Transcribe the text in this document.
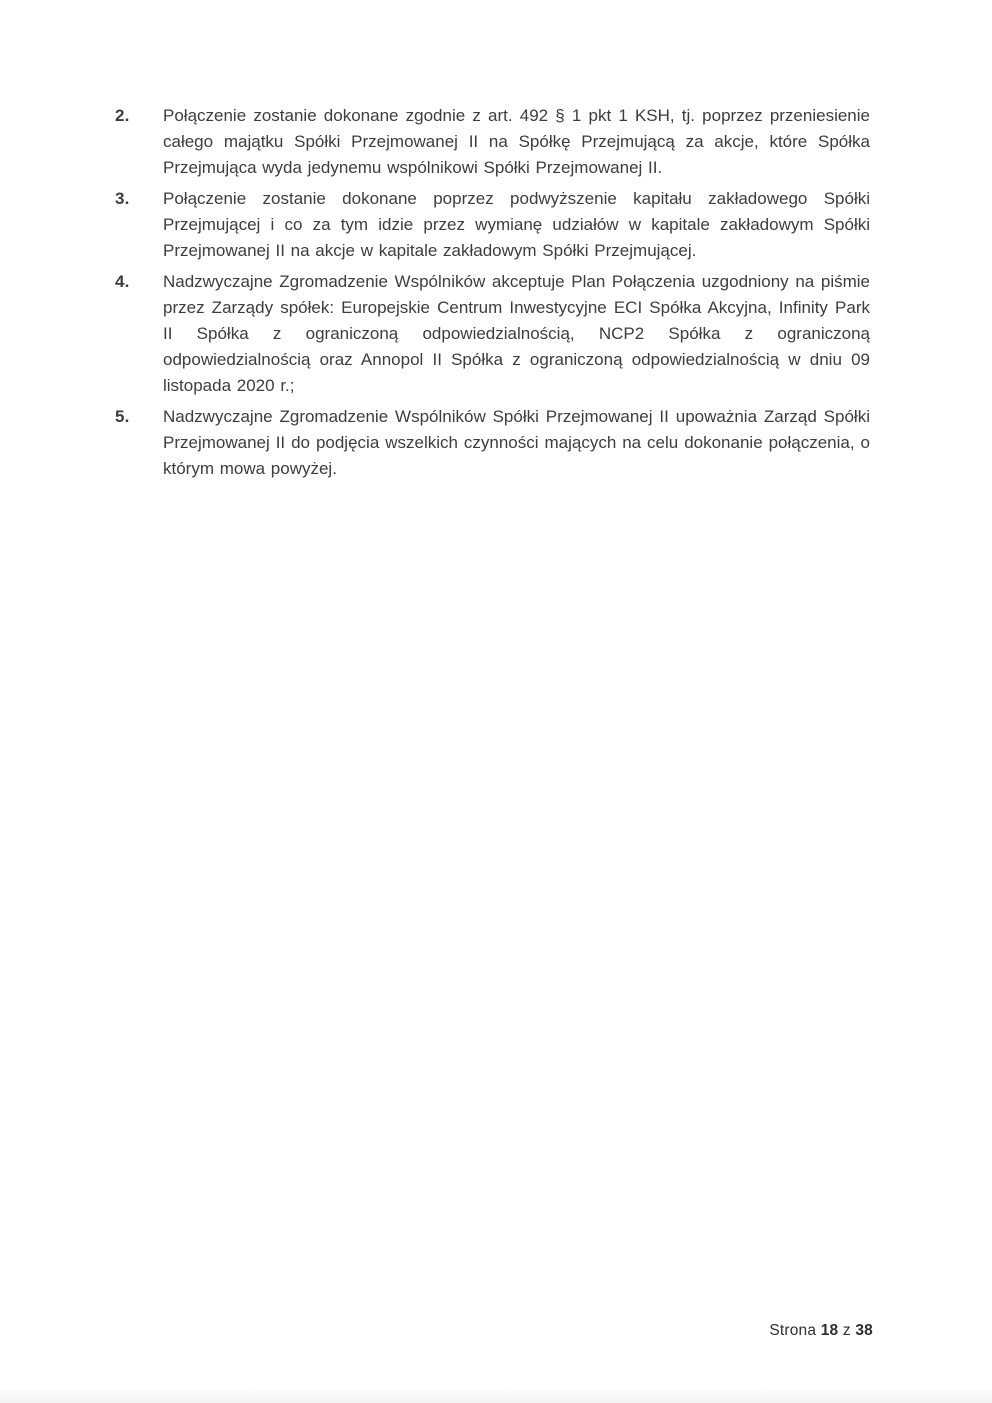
2.	Połączenie zostanie dokonane zgodnie z art. 492 § 1 pkt 1 KSH, tj. poprzez przeniesienie całego majątku Spółki Przejmowanej II na Spółkę Przejmującą za akcje, które Spółka Przejmująca wyda jedynemu wspólnikowi Spółki Przejmowanej II.

3.	Połączenie zostanie dokonane poprzez podwyższenie kapitału zakładowego Spółki Przejmującej i co za tym idzie przez wymianę udziałów w kapitale zakładowym Spółki Przejmowanej II na akcje w kapitale zakładowym Spółki Przejmującej.

4.	Nadzwyczajne Zgromadzenie Wspólników akceptuje Plan Połączenia uzgodniony na piśmie przez Zarządy spółek: Europejskie Centrum Inwestycyjne ECI Spółka Akcyjna, Infinity Park II Spółka z ograniczoną odpowiedzialnością, NCP2 Spółka z ograniczoną odpowiedzialnością oraz Annopol II Spółka z ograniczoną odpowiedzialnością w dniu 09 listopada 2020 r.;

5.	Nadzwyczajne Zgromadzenie Wspólników Spółki Przejmowanej II upoważnia Zarząd Spółki Przejmowanej II do podjęcia wszelkich czynności mających na celu dokonanie połączenia, o którym mowa powyżej.

Strona 18 z 38
